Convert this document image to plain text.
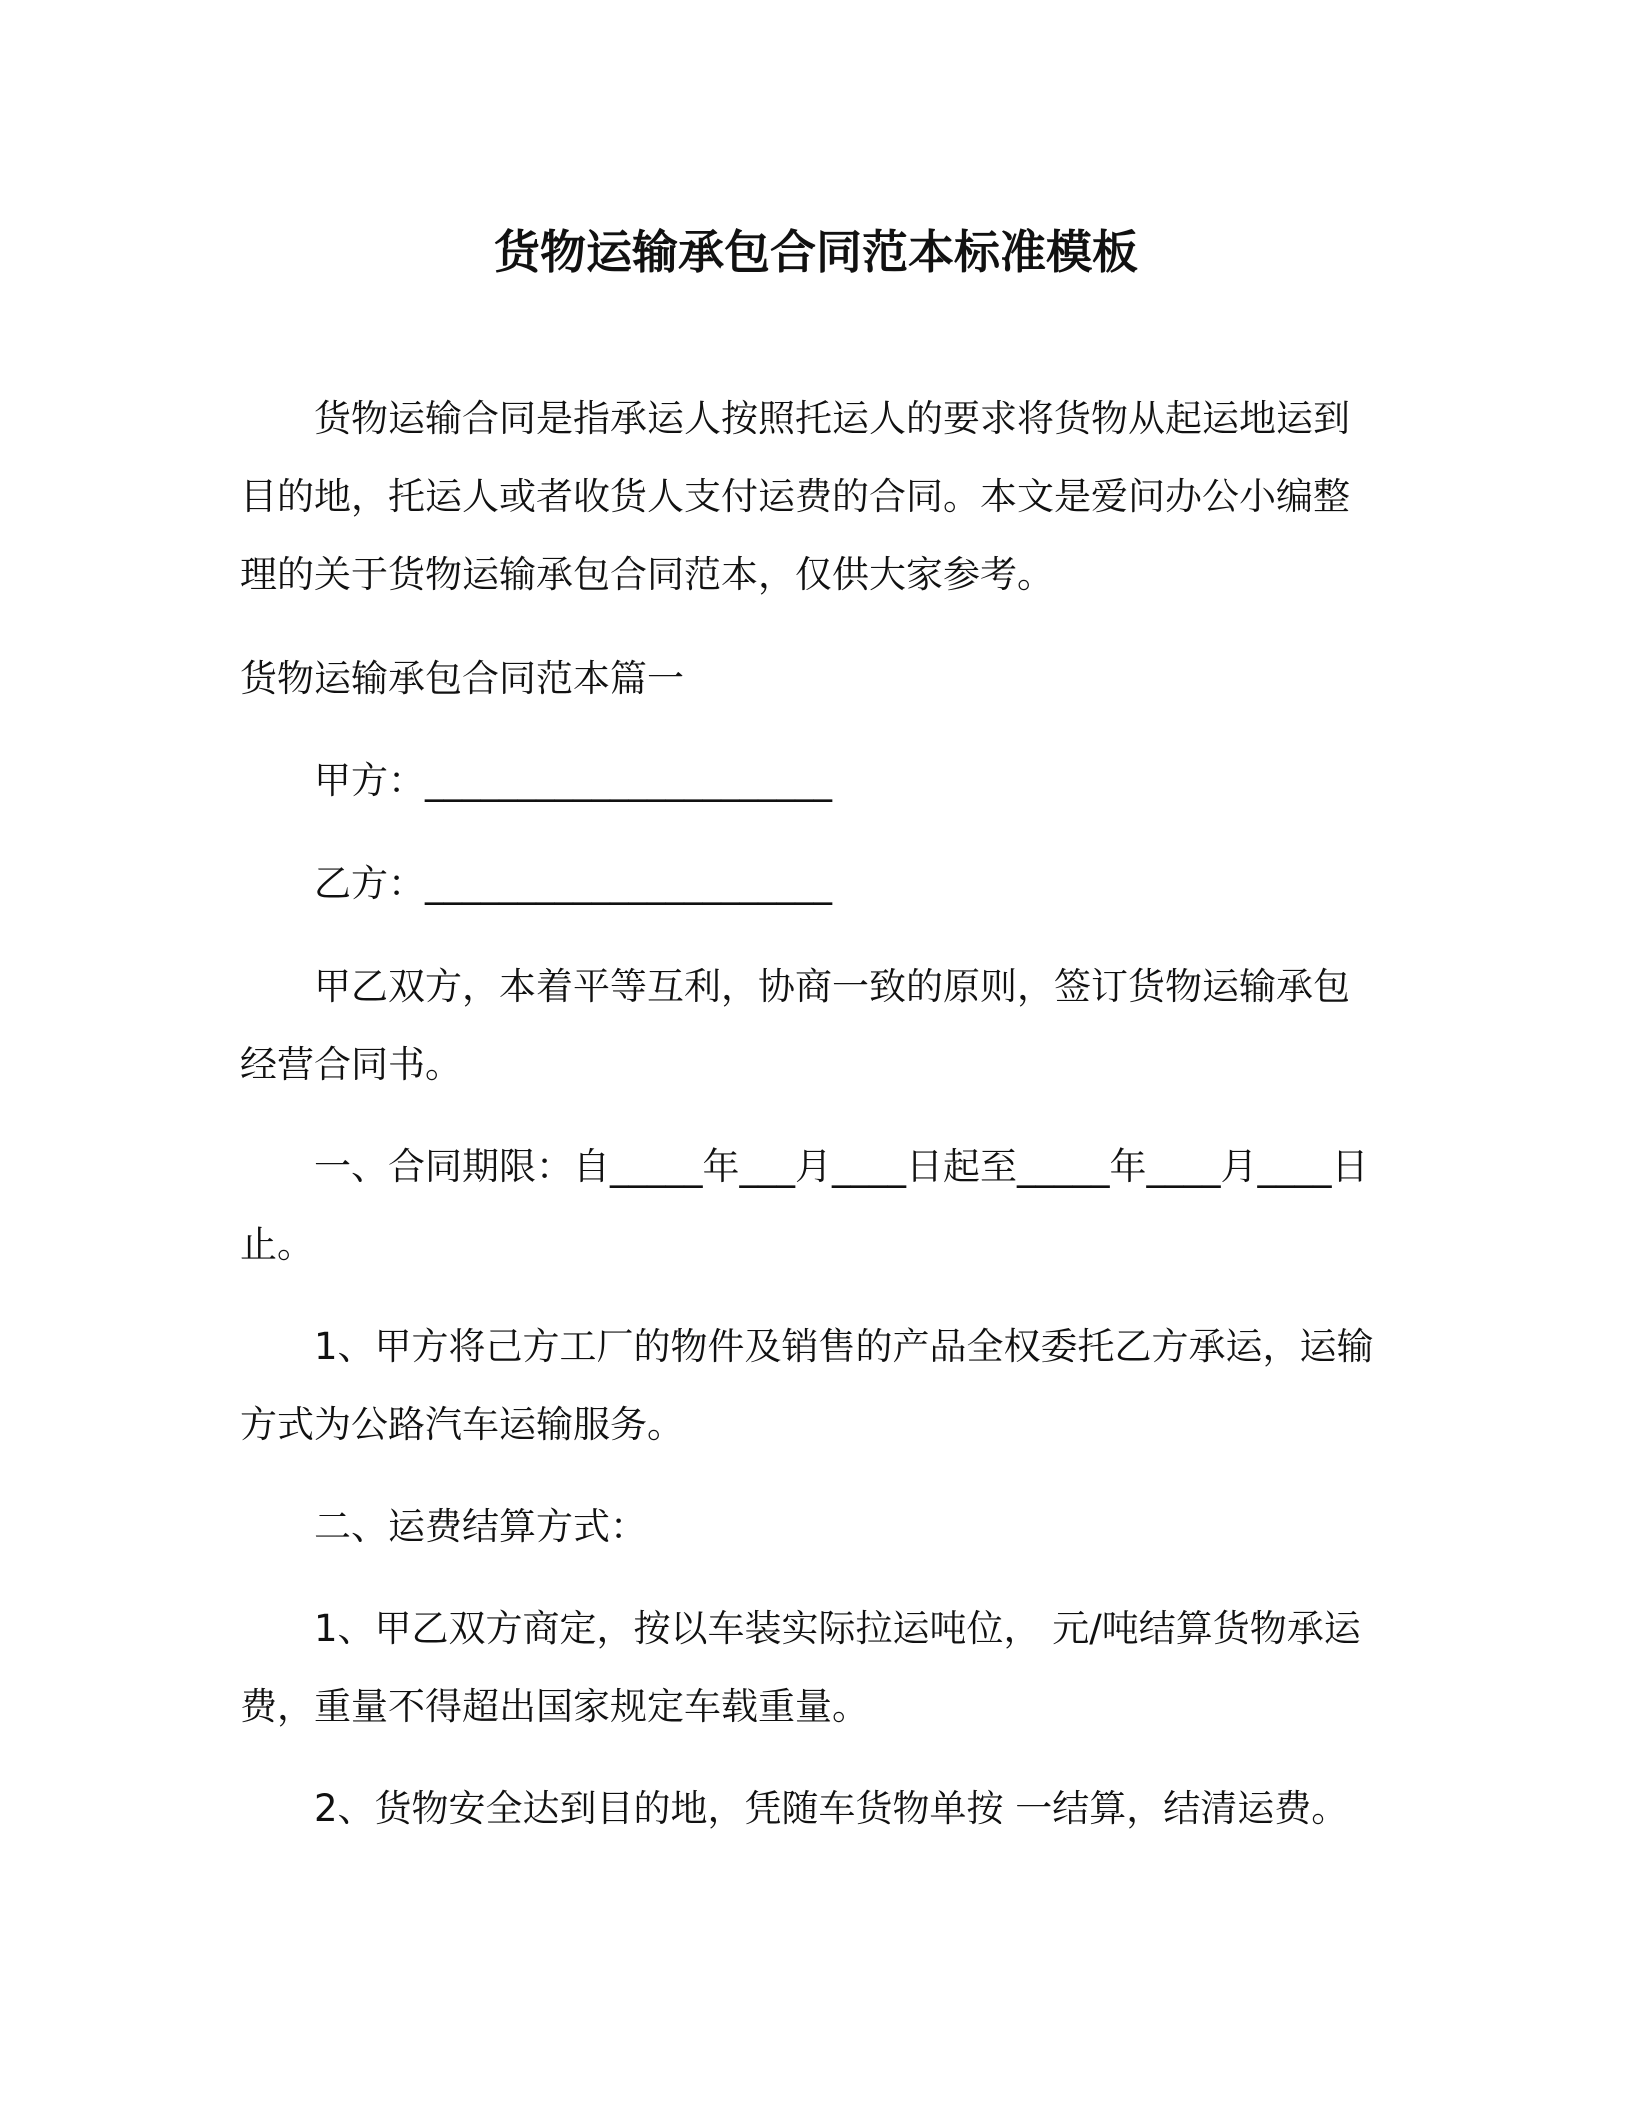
货物运输承包合同范本标准模板

货物运输合同是指承运人按照托运人的要求将货物从起运地运到目的地，托运人或者收货人支付运费的合同。本文是爱问办公小编整理的关于货物运输承包合同范本，仅供大家参考。

货物运输承包合同范本篇一

甲方：______________________
乙方：______________________

甲乙双方，本着平等互利，协商一致的原则，签订货物运输承包经营合同书。

一、合同期限：自_____年___月____日起至_____年____月____日止。

1、甲方将己方工厂的物件及销售的产品全权委托乙方承运，运输方式为公路汽车运输服务。

二、运费结算方式：

1、甲乙双方商定，按以车装实际拉运吨位， 元/吨结算货物承运费，重量不得超出国家规定车载重量。

2、货物安全达到目的地，凭随车货物单按 一结算，结清运费。
